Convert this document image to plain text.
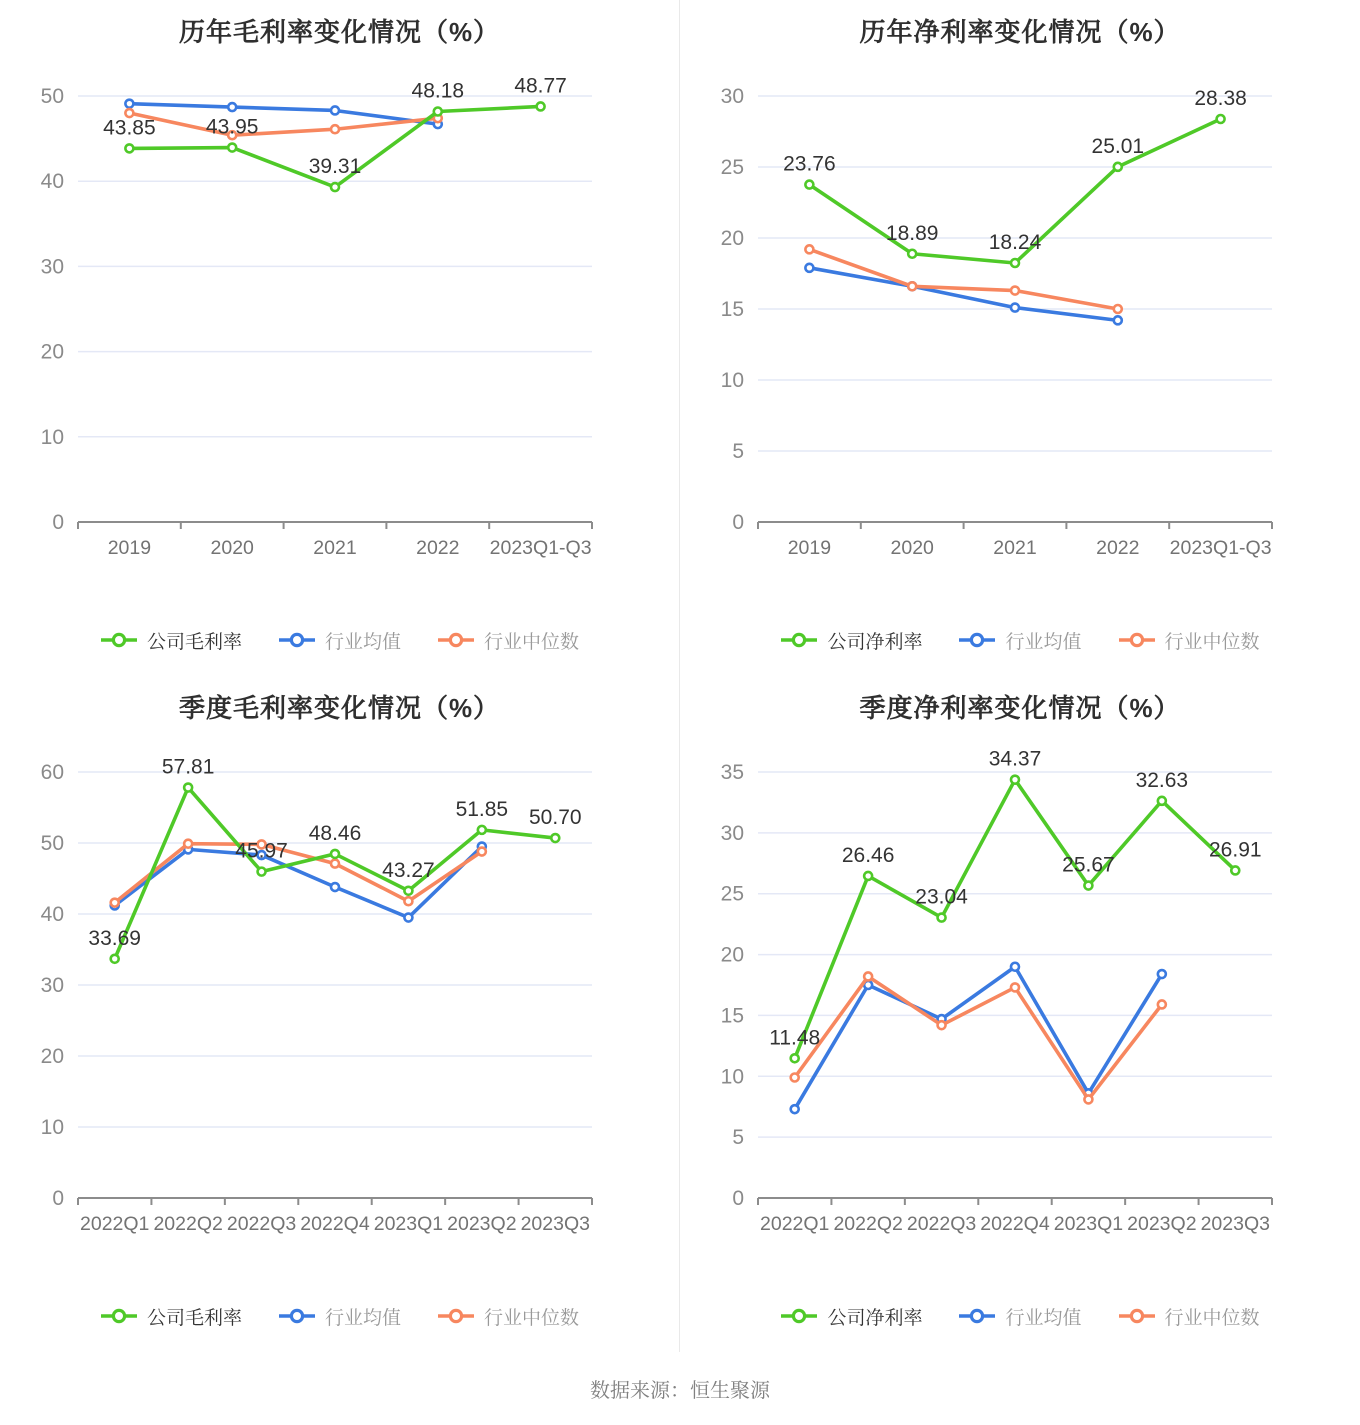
历年毛利率变化情况（%）
0
10
20
30
40
50
2019	2020	2021	2022 2023Q1-Q3
43.85 43.95
39.31
48.18 48.77
公司毛利率	行业均值	行业中位数
历年净利率变化情况（%）
0
5
10
15
20
25
30
2019	2020	2021	2022 2023Q1-Q3
23.76
18.89 18.24
25.01
28.38
公司净利率	行业均值	行业中位数
季度毛利率变化情况（%）
0
10
20
30
40
50
60
2022Q1 2022Q2 2022Q3 2022Q4 2023Q1 2023Q2 2023Q3
33.69
57.81
45.97
48.46
43.27
51.85 50.70
公司毛利率	行业均值	行业中位数
季度净利率变化情况（%）
0
5
10
15
20
25
30
35
2022Q1 2022Q2 2022Q3 2022Q4 2023Q1 2023Q2 2023Q3
11.48
26.46
23.04
34.37
25.67
32.63
26.91
公司净利率	行业均值	行业中位数
数据来源：恒生聚源
